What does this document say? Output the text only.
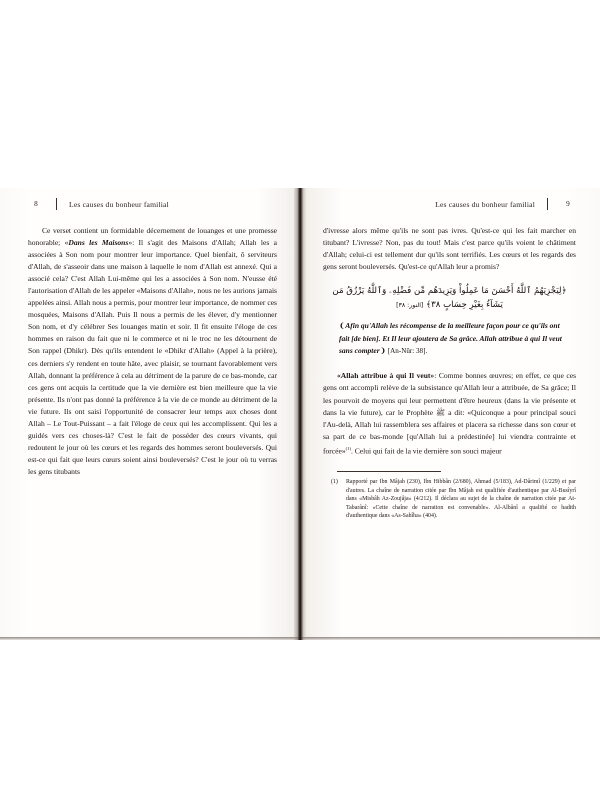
8	Les causes du bonheur familial

Ce verset contient un formidable décernement de louanges et une promesse honorable; «Dans les Maisons»: Il s'agit des Maisons d'Allah; Allah les a associées à Son nom pour montrer leur importance. Quel bienfait, ô serviteurs d'Allah, de s'asseoir dans une maison à laquelle le nom d'Allah est annexé. Qui a associé cela? C'est Allah Lui-même qui les a associées à Son nom. N'eusse été l'autorisation d'Allah de les appeler «Maisons d'Allah», nous ne les aurions jamais appelées ainsi. Allah nous a permis, pour montrer leur importance, de nommer ces mosquées, Maisons d'Allah. Puis Il nous a permis de les élever, d'y mentionner Son nom, et d'y célébrer Ses louanges matin et soir. Il fit ensuite l'éloge de ces hommes en raison du fait que ni le commerce et ni le troc ne les détournent de Son rappel (Dhikr). Dès qu'ils entendent le «Dhikr d'Allah» (Appel à la prière), ces derniers s'y rendent en toute hâte, avec plaisir, se tournant favorablement vers Allah, donnant la préférence à cela au détriment de la parure de ce bas-monde, car ces gens ont acquis la certitude que la vie dernière est bien meilleure que la vie présente. Ils n'ont pas donné la préférence à la vie de ce monde au détriment de la vie future. Ils ont saisi l'opportunité de consacrer leur temps aux choses dont Allah – Le Tout-Puissant – a fait l'éloge de ceux qui les accomplissent. Qui les a guidés vers ces choses-là? C'est le fait de posséder des cœurs vivants, qui redoutent le jour où les cœurs et les regards des hommes seront bouleversés. Qui est-ce qui fait que leurs cœurs soient ainsi bouleversés? C'est le jour où tu verras les gens titubants

Les causes du bonheur familial	9

d'ivresse alors même qu'ils ne sont pas ivres. Qu'est-ce qui les fait marcher en titubant? L'ivresse? Non, pas du tout! Mais c'est parce qu'ils voient le châtiment d'Allah; celui-ci est tellement dur qu'ils sont terrifiés. Les cœurs et les regards des gens seront bouleversés. Qu'est-ce qu'Allah leur a promis?

﴿لِيَجْزِيَهُمُ ٱللَّهُ أَحْسَنَ مَا عَمِلُواْ وَيَزِيدَهُم مِّن فَضْلِهِۦ وَٱللَّهُ يَرْزُقُ مَن
يَشَآءُ بِغَيْرِ حِسَابٍ ٣٨﴾ [النور: ٣٨]
❨Afin qu'Allah les récompense de la meilleure façon pour ce qu'ils ont fait [de bien]. Et Il leur ajoutera de Sa grâce. Allah attribue à qui Il veut sans compter❩ [An-Nûr: 38].

«Allah attribue à qui Il veut»: Comme bonnes œuvres; en effet, ce que ces gens ont accompli relève de la subsistance qu'Allah leur a attribuée, de Sa grâce; Il les pourvoit de moyens qui leur permettent d'être heureux (dans la vie présente et dans la vie future), car le Prophète ﷺ a dit: «Quiconque a pour principal souci l'Au-delà, Allah lui rassemblera ses affaires et placera sa richesse dans son cœur et sa part de ce bas-monde [qu'Allah lui a prédestinée] lui viendra contrainte et forcée»$^{(1)}$. Celui qui fait de la vie dernière son souci majeur

(1)	Rapporté par Ibn Mâjah (230), Ibn Hibbân (2/680), Ahmad (5/183), Ad-Dârimî (1/229) et par d'autres. La chaîne de narration citée par Ibn Mâjah est qualifiée d'authentique par Al-Busîyrî dans «Misbâh Az-Zoujâja» (4/212). Il déclara au sujet de la chaîne de narration citée par At-Tabarânî: «Cette chaîne de narration est convenable». Al-Albânî a qualifié ce hadith d'authentique dans «As-Sahîha» (404).
